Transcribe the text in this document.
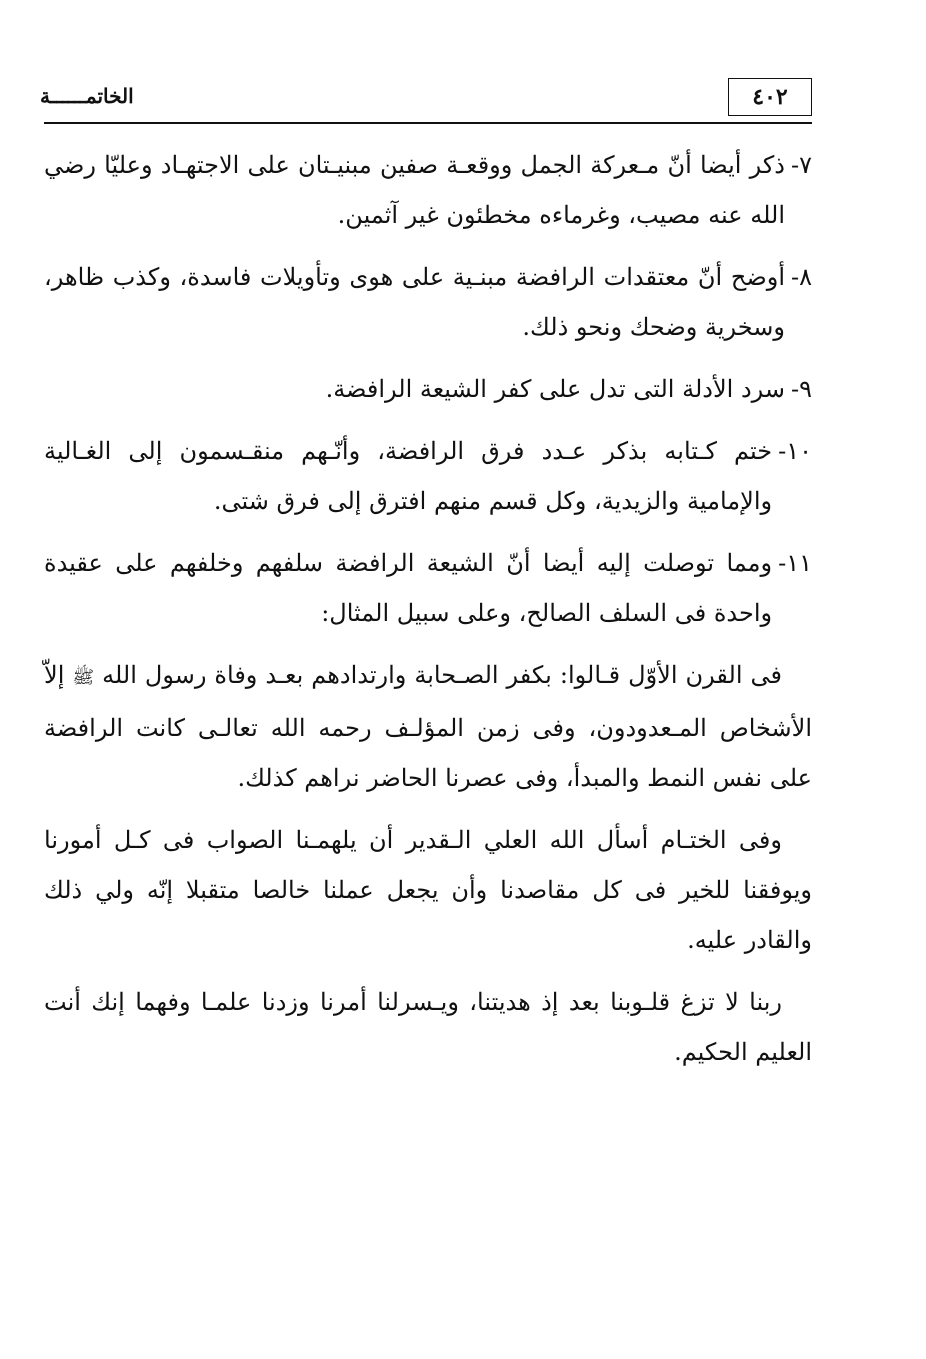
٤٠٢
الخاتمــــــة
٧-
ذكر أيضا أنّ مـعركة الجمل ووقعـة صفين مبنيـتان على الاجتهـاد وعليّا رضي الله عنه مصيب، وغرماءه مخطئون غير آثمين.
٨-
أوضح أنّ معتقدات الرافضة مبنـية على هوى وتأويلات فاسدة، وكذب ظاهر، وسخرية وضحك ونحو ذلك.
٩-
سرد الأدلة التى تدل على كفر الشيعة الرافضة.
١٠-
ختم كـتابه بذكر عـدد فرق الرافضة، وأنّـهم منقـسمون إلى الغـالية والإمامية والزيدية، وكل قسم منهم افترق إلى فرق شتى.
١١-
ومما توصلت إليه أيضا أنّ الشيعة الرافضة سلفهم وخلفهم على عقيدة واحدة فى السلف الصالح، وعلى سبيل المثال:

فى القرن الأوّل قـالوا: بكفر الصـحابة وارتدادهم بعـد وفاة رسول الله ﷺ إلاّ الأشخاص المـعدودون، وفى زمن المؤلـف رحمه الله تعالـى كانت الرافضة على نفس النمط والمبدأ، وفى عصرنا الحاضر نراهم كذلك.

وفى الختـام أسأل الله العلي الـقدير أن يلهمـنا الصواب فى كـل أمورنا ويوفقنا للخير فى كل مقاصدنا وأن يجعل عملنا خالصا متقبلا إنّه ولي ذلك والقادر عليه.

ربنا لا تزغ قلـوبنا بعد إذ هديتنا، ويـسرلنا أمرنا وزدنا علمـا وفهما إنك أنت العليم الحكيم.
